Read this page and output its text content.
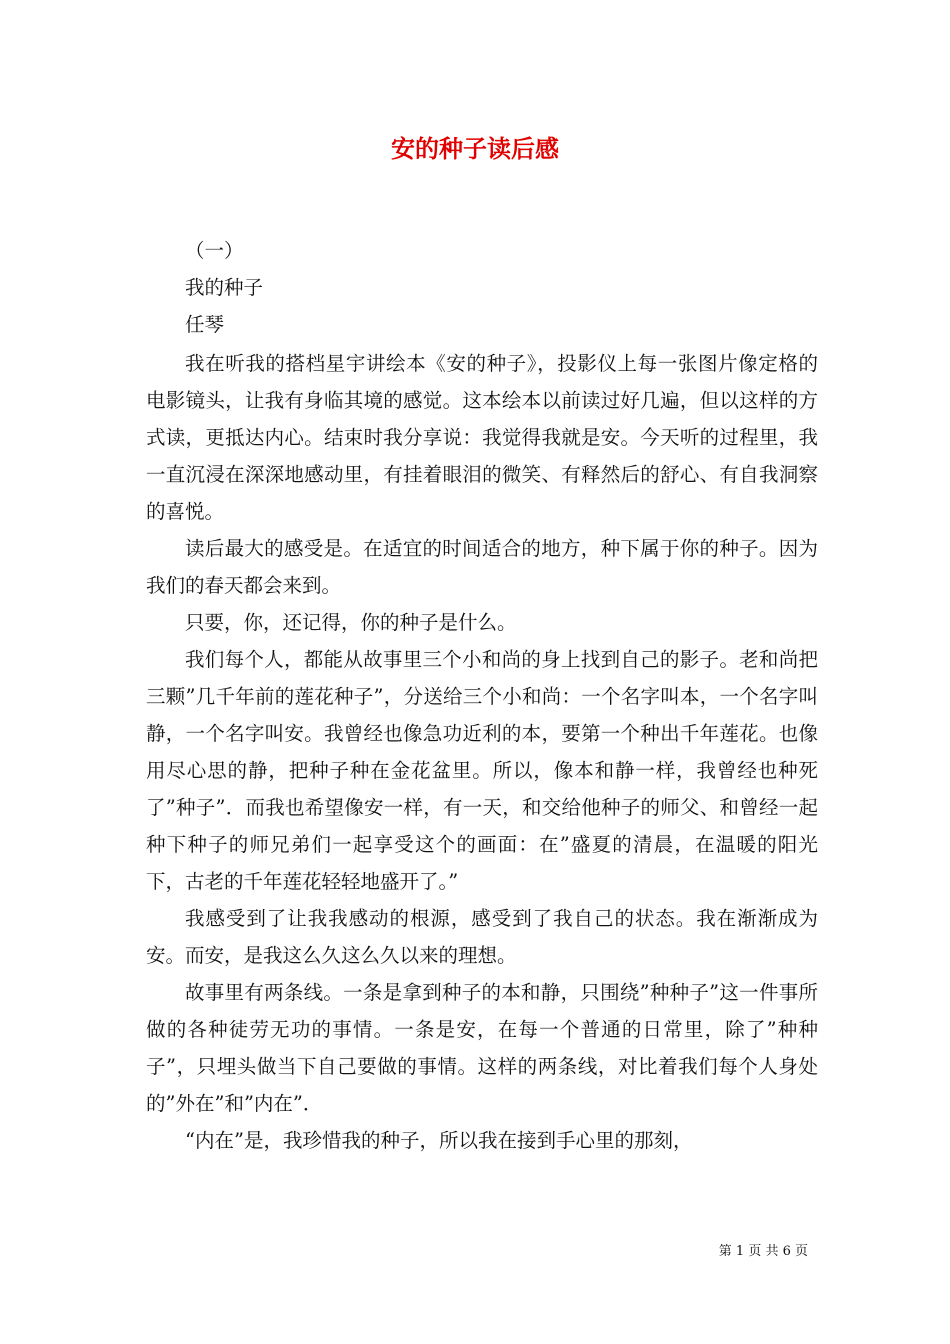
安的种子读后感

（一）

我的种子

任琴

我在听我的搭档星宇讲绘本《安的种子》，投影仪上每一张图片像定格的电影镜头，让我有身临其境的感觉。这本绘本以前读过好几遍，但以这样的方式读，更抵达内心。结束时我分享说：我觉得我就是安。今天听的过程里，我一直沉浸在深深地感动里，有挂着眼泪的微笑、有释然后的舒心、有自我洞察的喜悦。

读后最大的感受是。在适宜的时间适合的地方，种下属于你的种子。因为我们的春天都会来到。

只要，你，还记得，你的种子是什么。

我们每个人，都能从故事里三个小和尚的身上找到自己的影子。老和尚把三颗”几千年前的莲花种子”，分送给三个小和尚：一个名字叫本，一个名字叫静，一个名字叫安。我曾经也像急功近利的本，要第一个种出千年莲花。也像用尽心思的静，把种子种在金花盆里。所以，像本和静一样，我曾经也种死了”种子”．而我也希望像安一样，有一天，和交给他种子的师父、和曾经一起种下种子的师兄弟们一起享受这个的画面：在”盛夏的清晨，在温暖的阳光下，古老的千年莲花轻轻地盛开了。”

我感受到了让我我感动的根源，感受到了我自己的状态。我在渐渐成为安。而安，是我这么久这么久以来的理想。

故事里有两条线。一条是拿到种子的本和静，只围绕”种种子”这一件事所做的各种徒劳无功的事情。一条是安，在每一个普通的日常里，除了”种种子”，只埋头做当下自己要做的事情。这样的两条线，对比着我们每个人身处的”外在”和”内在”．

“内在”是，我珍惜我的种子，所以我在接到手心里的那刻，

第 1 页 共 6 页
